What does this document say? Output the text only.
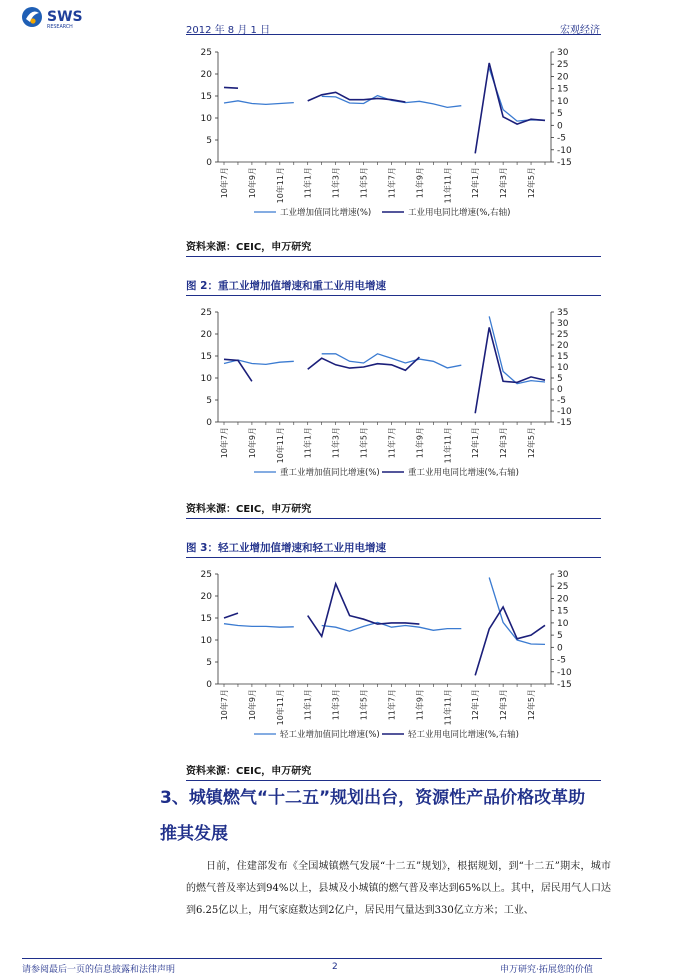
SWS
RESEARCH	2012 年 8 月 1 日	宏观经济
0
5
10
15
20
25
-15
-10
-5
0
5
10
15
20
25
30
10年7月 10年9月 10年11月 11年1月 11年3月 11年5月 11年7月 11年9月 11年11月 12年1月 12年3月 12年5月
工业增加值同比增速(%)	工业用电同比增速(%,右轴)
资料来源：CEIC，申万研究
图 2：重工业增加值增速和重工业用电增速
0
5
10
15
20
25
-15
-10
-5
0
5
10
15
20
25
30
35
10年7月 10年9月 10年11月 11年1月 11年3月 11年5月 11年7月 11年9月 11年11月 12年1月 12年3月 12年5月
重工业增加值同比增速(%)	重工业用电同比增速(%,右轴)
资料来源：CEIC，申万研究
图 3：轻工业增加值增速和轻工业用电增速
0
5
10
15
20
25
-15
-10
-5
0
5
10
15
20
25
30
10年7月 10年9月 10年11月 11年1月 11年3月 11年5月 11年7月 11年9月 11年11月 12年1月 12年3月 12年5月
轻工业增加值同比增速(%)	轻工业用电同比增速(%,右轴)
资料来源：CEIC，申万研究
3、城镇燃气“十二五”规划出台，资源性产品价格改革助
推其发展
日前，住建部发布《全国城镇燃气发展“十二五”规划》，根据规划，到“十二五”期末，城市的燃气普及率达到94%以上，县城及小城镇的燃气普及率达到65%以上。其中，居民用气人口达到6.25亿以上，用气家庭数达到2亿户，居民用气量达到330亿立方米；工业、
请参阅最后一页的信息披露和法律声明	2	申万研究·拓展您的价值
